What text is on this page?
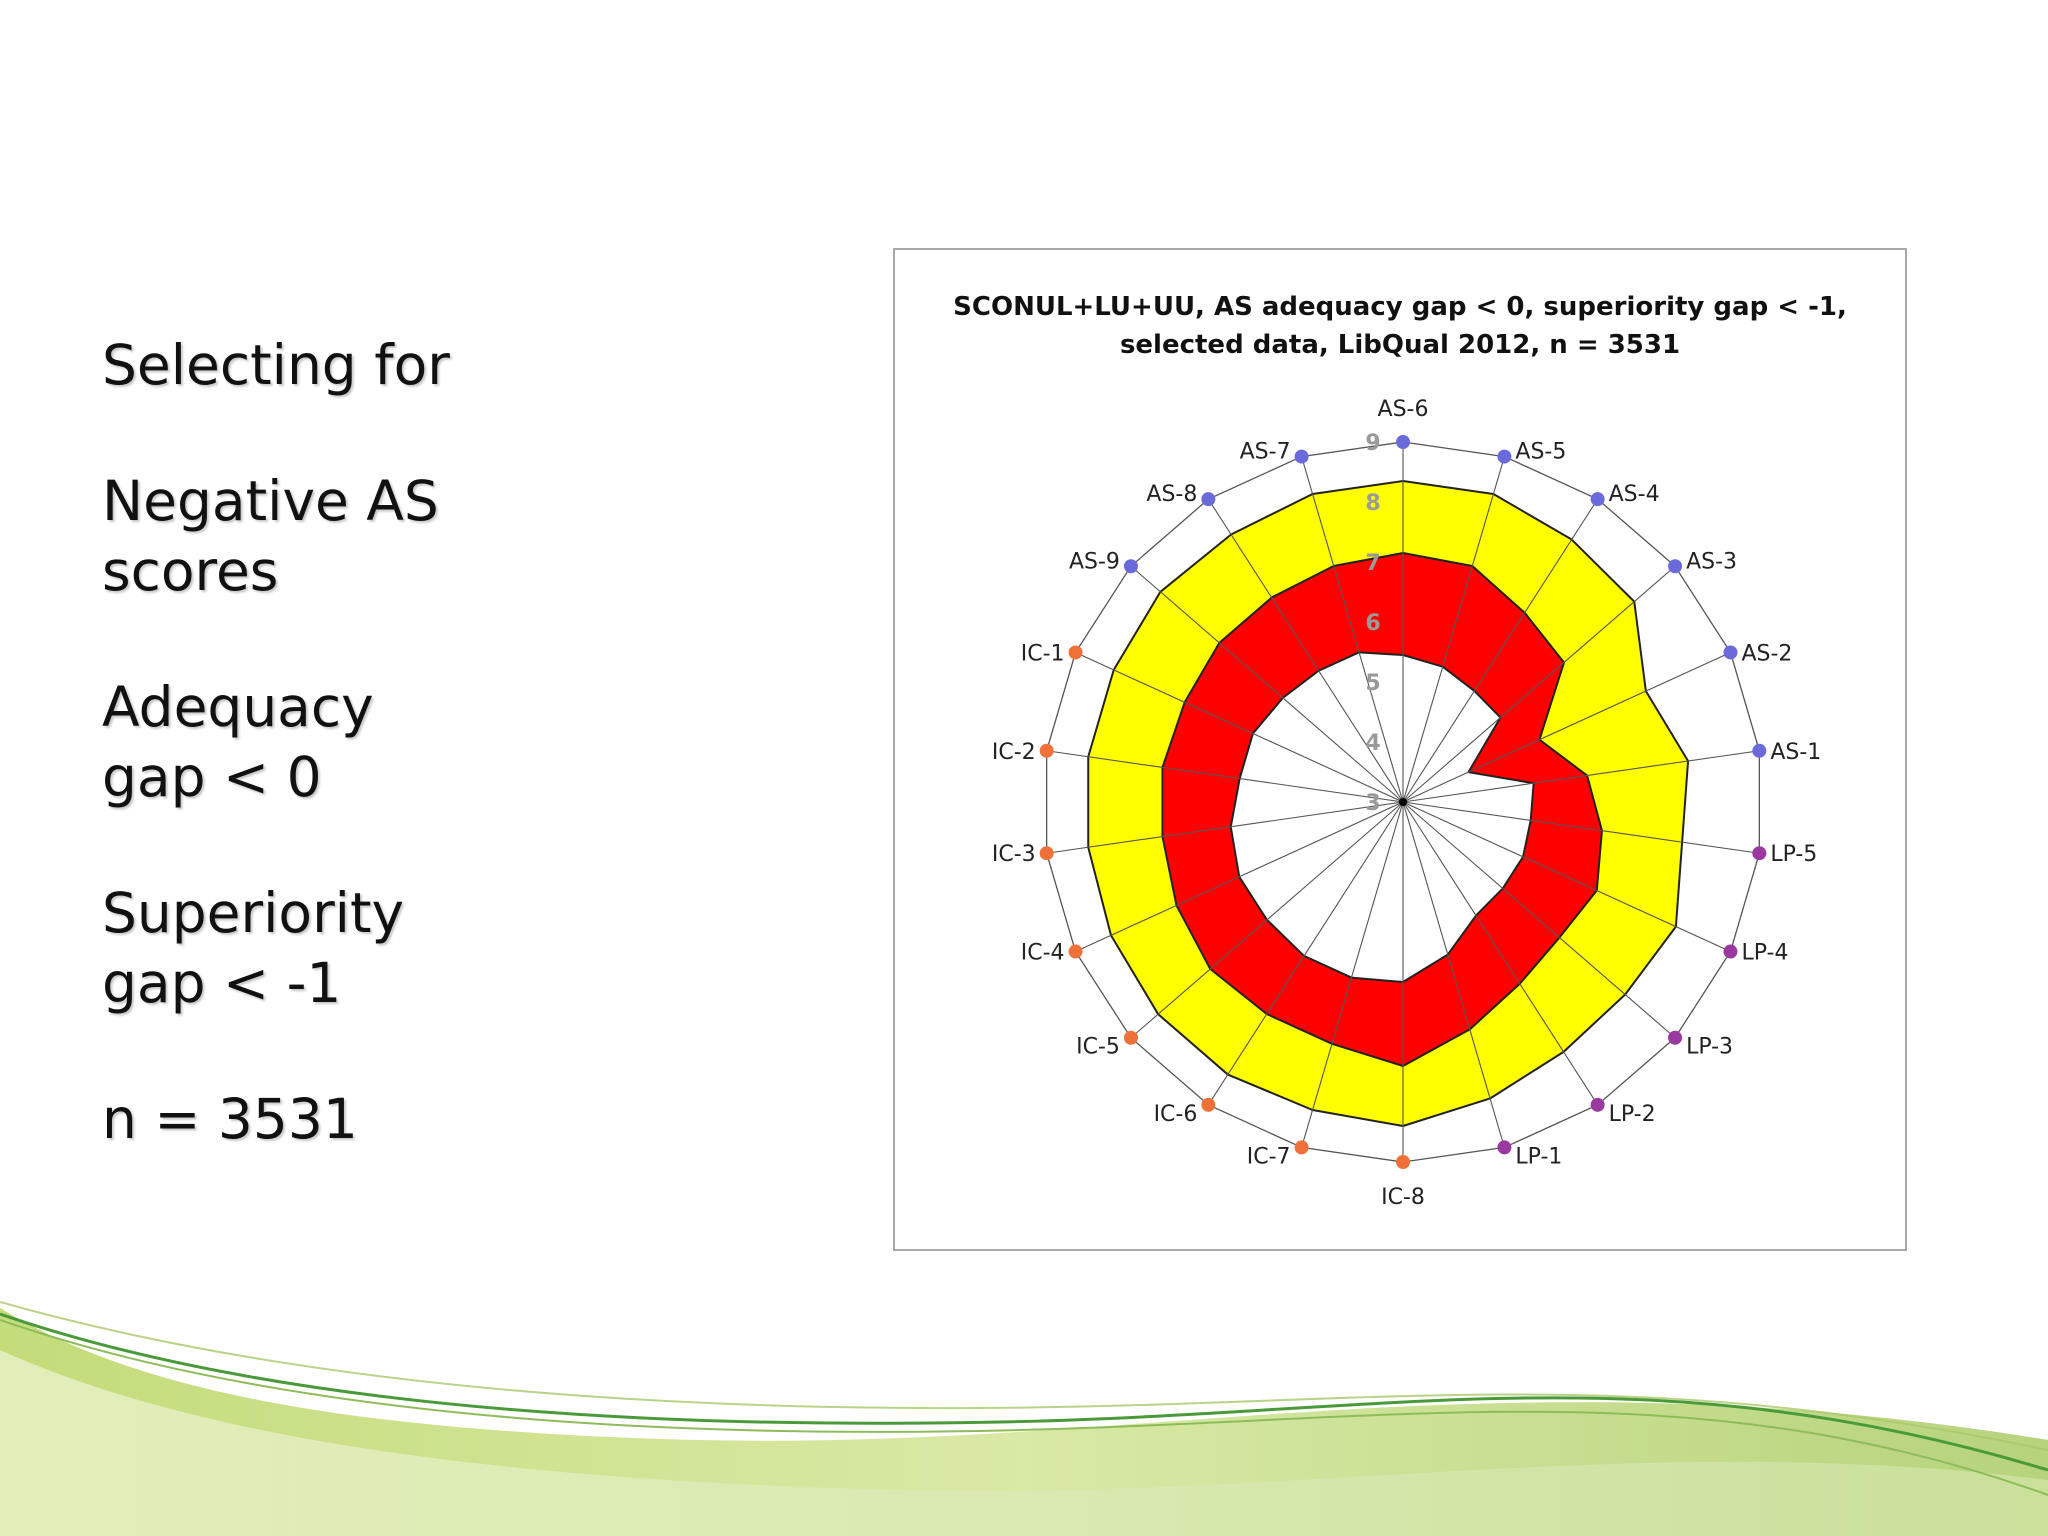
Selecting for
Negative AS
scores
Adequacy
gap < 0
Superiority
gap < -1
n = 3531
SCONUL+LU+UU, AS adequacy gap < 0, superiority gap < -1,
selected data, LibQual 2012, n = 3531
3
4
5
6
7
8
9
AS-6
AS-5
AS-4
AS-3
AS-2
AS-1
LP-5
LP-4
LP-3
LP-2
LP-1
IC-8
IC-7
IC-6
IC-5
IC-4
IC-3
IC-2
IC-1
AS-9
AS-8
AS-7
